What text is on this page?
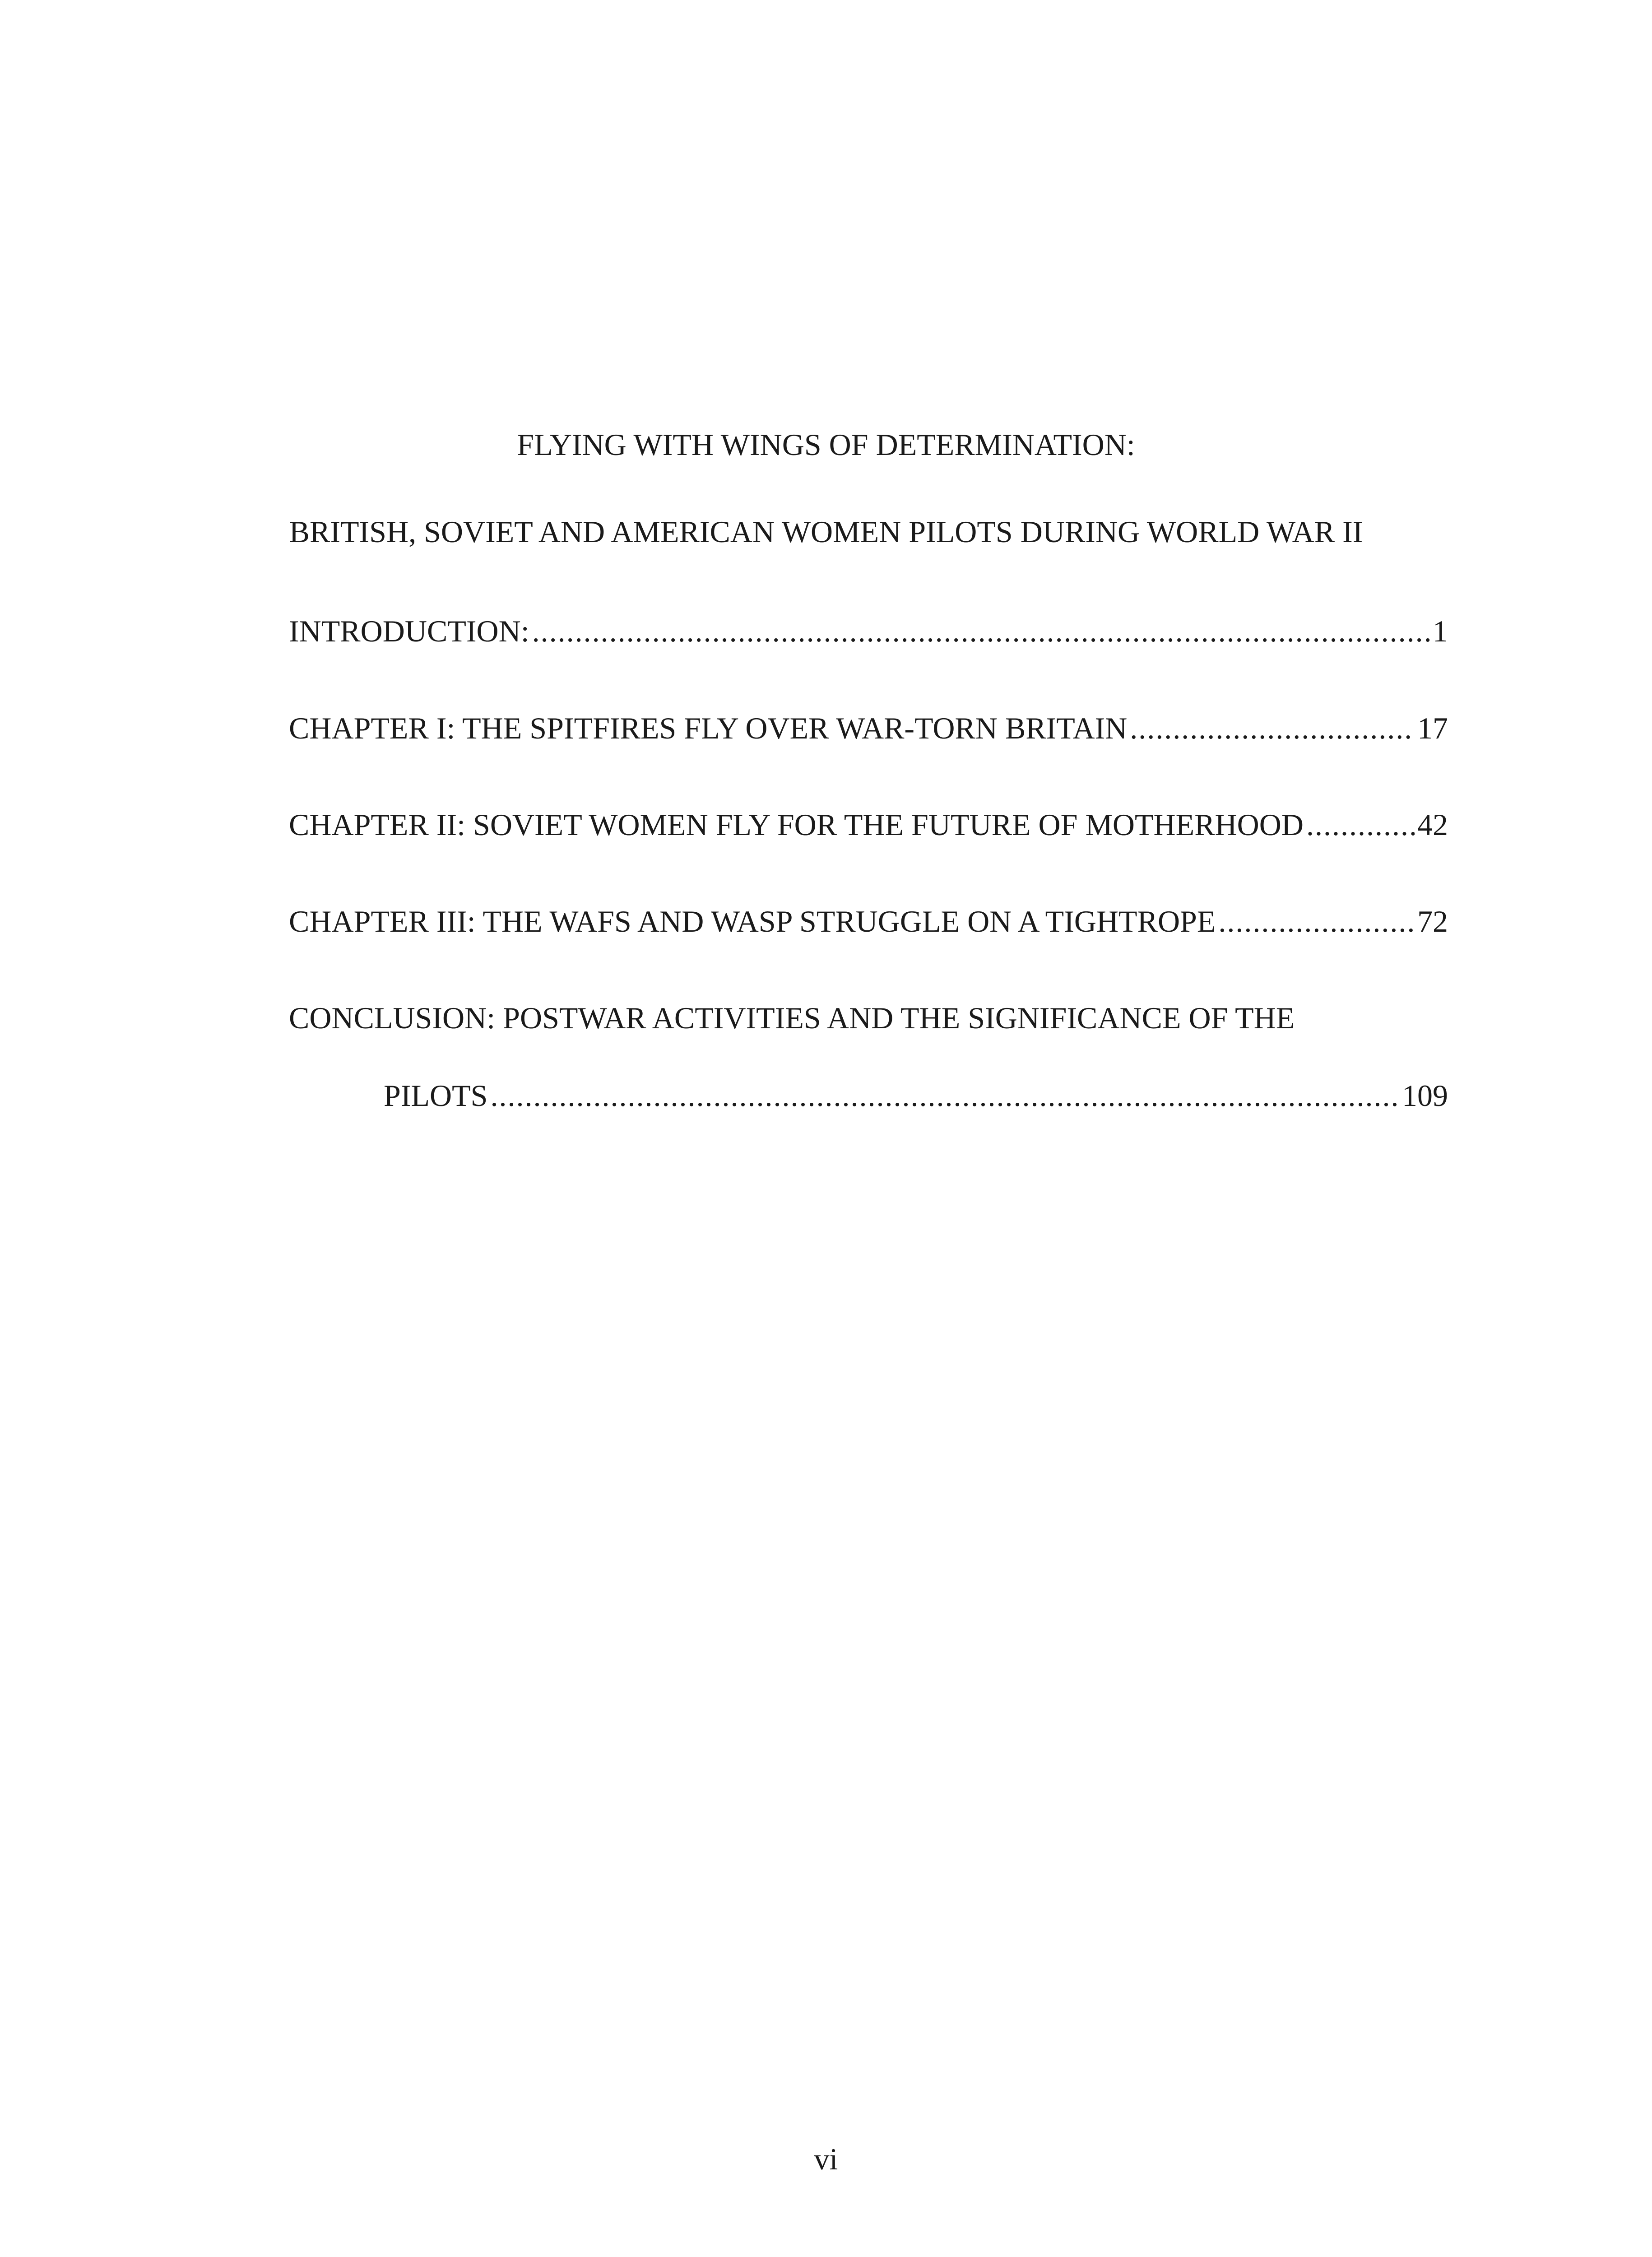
FLYING WITH WINGS OF DETERMINATION:
BRITISH, SOVIET AND AMERICAN WOMEN PILOTS DURING WORLD WAR II
INTRODUCTION: .....	1
CHAPTER I: THE SPITFIRES FLY OVER WAR-TORN BRITAIN .....	17
CHAPTER II: SOVIET WOMEN FLY FOR THE FUTURE OF MOTHERHOOD .....	42
CHAPTER III: THE WAFS AND WASP STRUGGLE ON A TIGHTROPE .....	72
CONCLUSION: POSTWAR ACTIVITIES AND THE SIGNIFICANCE OF THE
PILOTS .....	109
vi
